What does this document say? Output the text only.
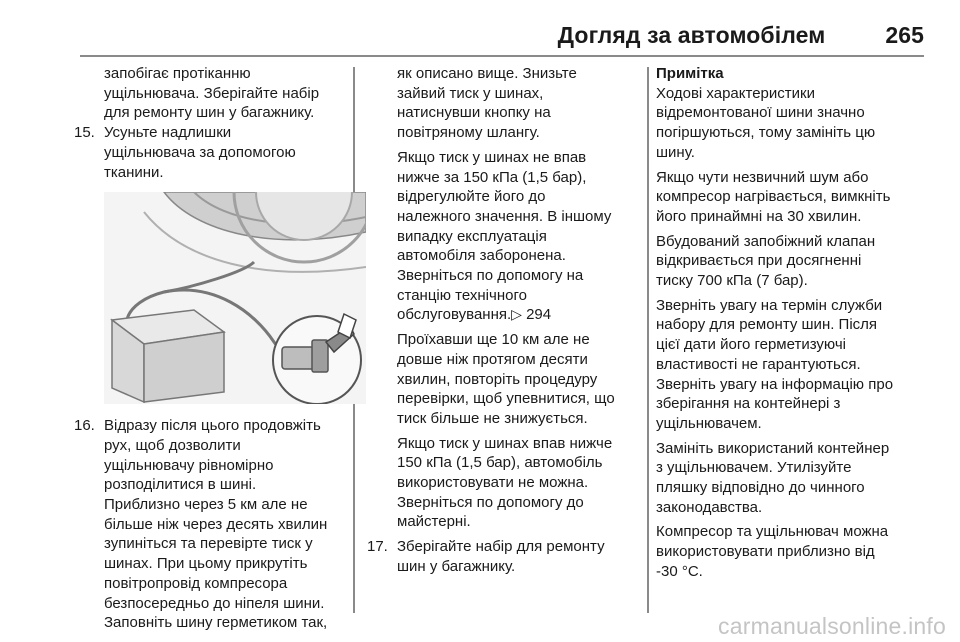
Догляд за автомобілем	265
запобігає протіканню
ущільнювача. Зберігайте набір
для ремонту шин у багажнику.
15. Усуньте надлишки
ущільнювача за допомогою
тканини.
16. Відразу після цього продовжіть
рух, щоб дозволити
ущільнювачу рівномірно
розподілитися в шині.
Приблизно через 5 км але не
більше ніж через десять хвилин
зупиніться та перевірте тиск у
шинах. При цьому прикрутіть
повітропровід компресора
безпосередньо до ніпеля шини.
Заповніть шину герметиком так,
як описано вище. Знизьте
зайвий тиск у шинах,
натиснувши кнопку на
повітряному шлангу.
Якщо тиск у шинах не впав
нижче за 150 кПа (1,5 бар),
відрегулюйте його до
належного значення. В іншому
випадку експлуатація
автомобіля заборонена.
Зверніться по допомогу на
станцію технічного
обслуговування.▷ 294
Проїхавши ще 10 км але не
довше ніж протягом десяти
хвилин, повторіть процедуру
перевірки, щоб упевнитися, що
тиск більше не знижується.
Якщо тиск у шинах впав нижче
150 кПа (1,5 бар), автомобіль
використовувати не можна.
Зверніться по допомогу до
майстерні.
17. Зберігайте набір для ремонту
шин у багажнику.
Примітка
Ходові характеристики
відремонтованої шини значно
погіршуються, тому замініть цю
шину.
Якщо чути незвичний шум або
компресор нагрівається, вимкніть
його принаймні на 30 хвилин.
Вбудований запобіжний клапан
відкривається при досягненні
тиску 700 кПа (7 бар).
Зверніть увагу на термін служби
набору для ремонту шин. Після
цієї дати його герметизуючі
властивості не гарантуються.
Зверніть увагу на інформацію про
зберігання на контейнері з
ущільнювачем.
Замініть використаний контейнер
з ущільнювачем. Утилізуйте
пляшку відповідно до чинного
законодавства.
Компресор та ущільнювач можна
використовувати приблизно від
-30 °C.
carmanualsonline.info
